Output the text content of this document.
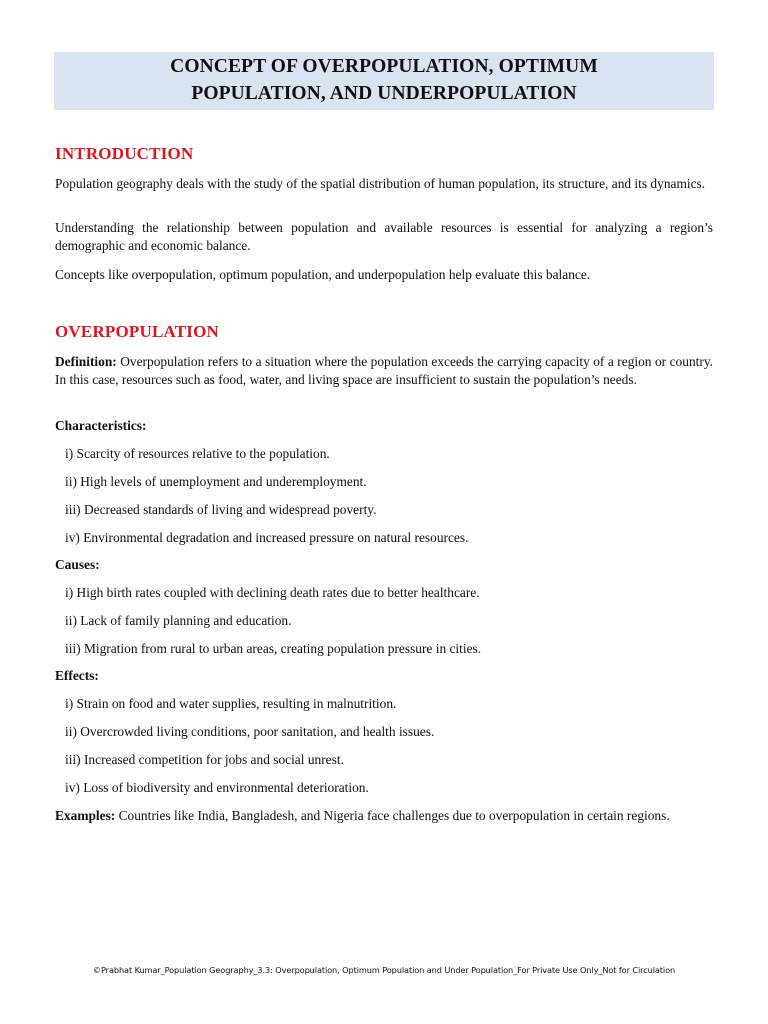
CONCEPT OF OVERPOPULATION, OPTIMUM
POPULATION, AND UNDERPOPULATION
INTRODUCTION

Population geography deals with the study of the spatial distribution of human population, its structure, and its dynamics.

Understanding the relationship between population and available resources is essential for analyzing a region’s demographic and economic balance.

Concepts like overpopulation, optimum population, and underpopulation help evaluate this balance.

OVERPOPULATION

Definition: Overpopulation refers to a situation where the population exceeds the carrying capacity of a region or country. In this case, resources such as food, water, and living space are insufficient to sustain the population’s needs.

Characteristics:

i) Scarcity of resources relative to the population.
ii) High levels of unemployment and underemployment.
iii) Decreased standards of living and widespread poverty.
iv) Environmental degradation and increased pressure on natural resources.

Causes:

i) High birth rates coupled with declining death rates due to better healthcare.
ii) Lack of family planning and education.
iii) Migration from rural to urban areas, creating population pressure in cities.

Effects:

i) Strain on food and water supplies, resulting in malnutrition.
ii) Overcrowded living conditions, poor sanitation, and health issues.
iii) Increased competition for jobs and social unrest.
iv) Loss of biodiversity and environmental deterioration.

Examples: Countries like India, Bangladesh, and Nigeria face challenges due to overpopulation in certain regions.

©Prabhat Kumar_Population Geography_3.3: Overpopulation, Optimum Population and Under Population_For Private Use Only_Not for Circulation
